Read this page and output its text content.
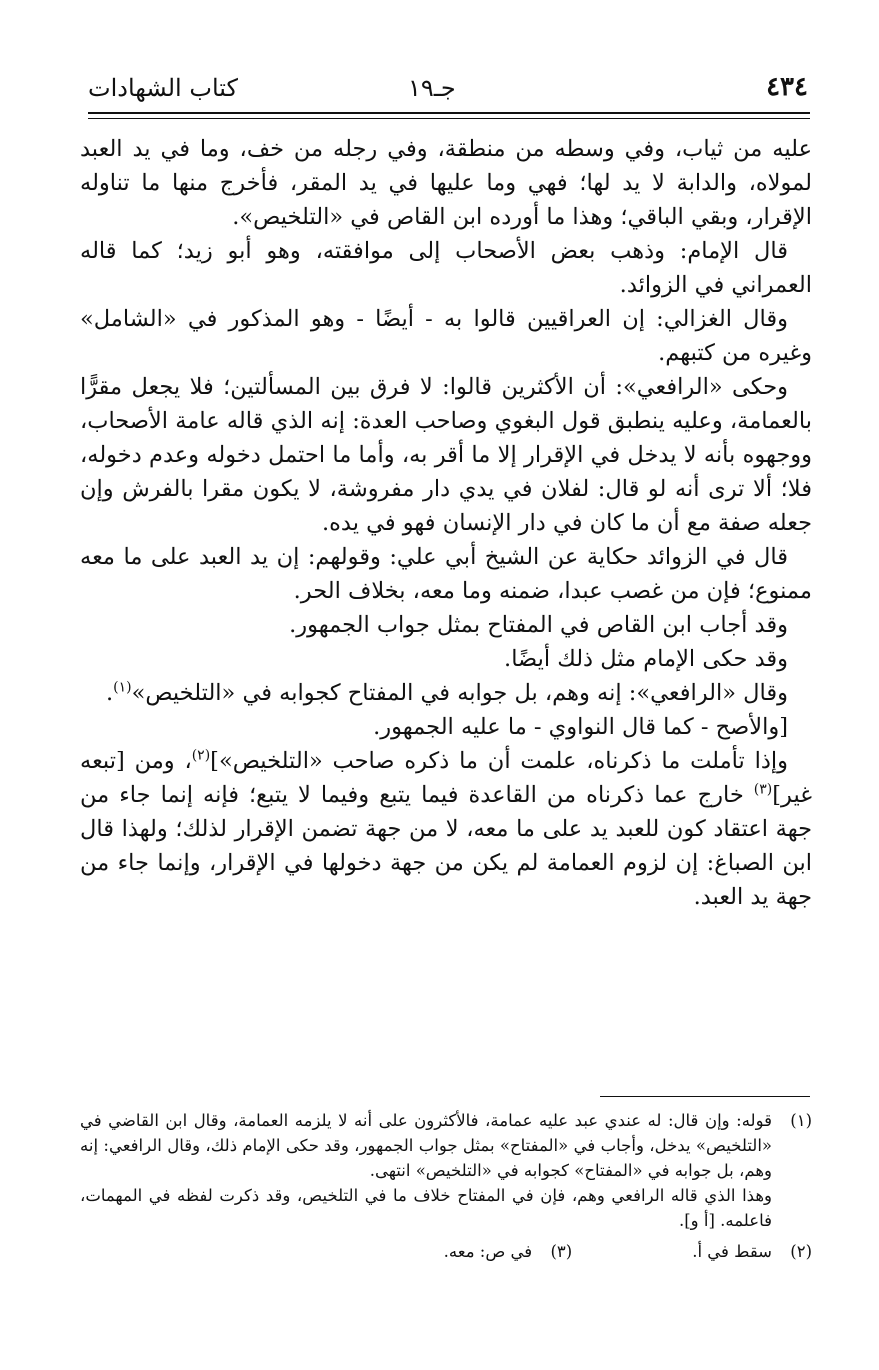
٤٣٤
جـ١٩
كتاب الشهادات

عليه من ثياب، وفي وسطه من منطقة، وفي رجله من خف، وما في يد العبد لمولاه، والدابة لا يد لها؛ فهي وما عليها في يد المقر، فأخرج منها ما تناوله الإقرار، وبقي الباقي؛ وهذا ما أورده ابن القاص في «التلخيص».

قال الإمام: وذهب بعض الأصحاب إلى موافقته، وهو أبو زيد؛ كما قاله العمراني في الزوائد.

وقال الغزالي: إن العراقيين قالوا به - أيضًا - وهو المذكور في «الشامل» وغيره من كتبهم.

وحكى «الرافعي»: أن الأكثرين قالوا: لا فرق بين المسألتين؛ فلا يجعل مقرًّا بالعمامة، وعليه ينطبق قول البغوي وصاحب العدة: إنه الذي قاله عامة الأصحاب، ووجهوه بأنه لا يدخل في الإقرار إلا ما أقر به، وأما ما احتمل دخوله وعدم دخوله، فلا؛ ألا ترى أنه لو قال: لفلان في يدي دار مفروشة، لا يكون مقرا بالفرش وإن جعله صفة مع أن ما كان في دار الإنسان فهو في يده.

قال في الزوائد حكاية عن الشيخ أبي علي: وقولهم: إن يد العبد على ما معه ممنوع؛ فإن من غصب عبدا، ضمنه وما معه، بخلاف الحر.

وقد أجاب ابن القاص في المفتاح بمثل جواب الجمهور.

وقد حكى الإمام مثل ذلك أيضًا.

وقال «الرافعي»: إنه وهم، بل جوابه في المفتاح كجوابه في «التلخيص»$^{(١)}$.

[والأصح - كما قال النواوي - ما عليه الجمهور.

وإذا تأملت ما ذكرناه، علمت أن ما ذكره صاحب «التلخيص»]$^{(٢)}$، ومن [تبعه غير]$^{(٣)}$ خارج عما ذكرناه من القاعدة فيما يتبع وفيما لا يتبع؛ فإنه إنما جاء من جهة اعتقاد كون للعبد يد على ما معه، لا من جهة تضمن الإقرار لذلك؛ ولهذا قال ابن الصباغ: إن لزوم العمامة لم يكن من جهة دخولها في الإقرار، وإنما جاء من جهة يد العبد.

(١)
قوله: وإن قال: له عندي عبد عليه عمامة، فالأكثرون على أنه لا يلزمه العمامة، وقال ابن القاضي في «التلخيص» يدخل، وأجاب في «المفتاح» بمثل جواب الجمهور، وقد حكى الإمام ذلك، وقال الرافعي: إنه وهم، بل جوابه في «المفتاح» كجوابه في «التلخيص» انتهى.
وهذا الذي قاله الرافعي وهم، فإن في المفتاح خلاف ما في التلخيص، وقد ذكرت لفظه في المهمات، فاعلمه. [أ و].
(٢)
سقط في أ.
(٣)
في ص: معه.
